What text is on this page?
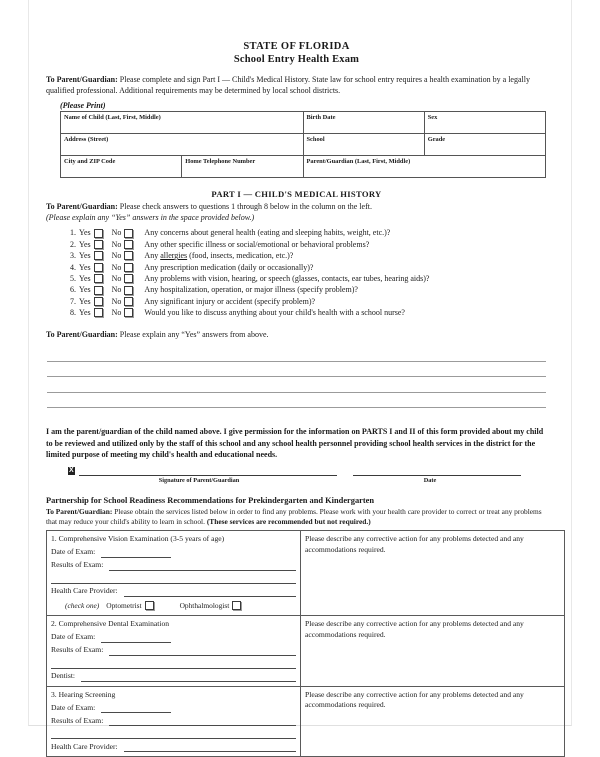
STATE OF FLORIDA
School Entry Health Exam
To Parent/Guardian: Please complete and sign Part I — Child's Medical History. State law for school entry requires a health examination by a legally qualified professional. Additional requirements may be determined by local school districts.
(Please Print)
Name of Child (Last, First, Middle)		Birth Date	Sex
Address (Street)		School	Grade
City and ZIP Code	Home Telephone Number	Parent/Guardian (Last, First, Middle)	
PART I — CHILD'S MEDICAL HISTORY
To Parent/Guardian: Please check answers to questions 1 through 8 below in the column on the left.
(Please explain any “Yes” answers in the space provided below.)
1. Yes	No	Any concerns about general health (eating and sleeping habits, weight, etc.)?
2. Yes	No	Any other specific illness or social/emotional or behavioral problems?
3. Yes	No	Any allergies (food, insects, medication, etc.)?
4. Yes	No	Any prescription medication (daily or occasionally)?
5. Yes	No	Any problems with vision, hearing, or speech (glasses, contacts, ear tubes, hearing aids)?
6. Yes	No	Any hospitalization, operation, or major illness (specify problem)?
7. Yes	No	Any significant injury or accident (specify problem)?
8. Yes	No	Would you like to discuss anything about your child's health with a school nurse?
To Parent/Guardian: Please explain any “Yes” answers from above.
I am the parent/guardian of the child named above. I give permission for the information on PARTS I and II of this form provided about my child to be reviewed and utilized only by the staff of this school and any school health personnel providing school health services in the district for the limited purpose of meeting my child's health and educational needs.
X
Signature of Parent/Guardian	Date
Partnership for School Readiness Recommendations for Prekindergarten and Kindergarten
To Parent/Guardian: Please obtain the services listed below in order to find any problems. Please work with your health care provider to correct or treat any problems that may reduce your child's ability to learn in school. (These services are recommended but not required.)
1. Comprehensive Vision Examination (3-5 years of age)
Date of Exam:
Results of Exam:
Health Care Provider:
(check one) Optometrist	Ophthalmologist
	Please describe any corrective action for any problems detected and any accommodations required.

2. Comprehensive Dental Examination
Date of Exam:
Results of Exam:
Dentist:	Please describe any corrective action for any problems detected and any accommodations required.

3. Hearing Screening
Date of Exam:
Results of Exam:
Health Care Provider:	Please describe any corrective action for any problems detected and any accommodations required.
